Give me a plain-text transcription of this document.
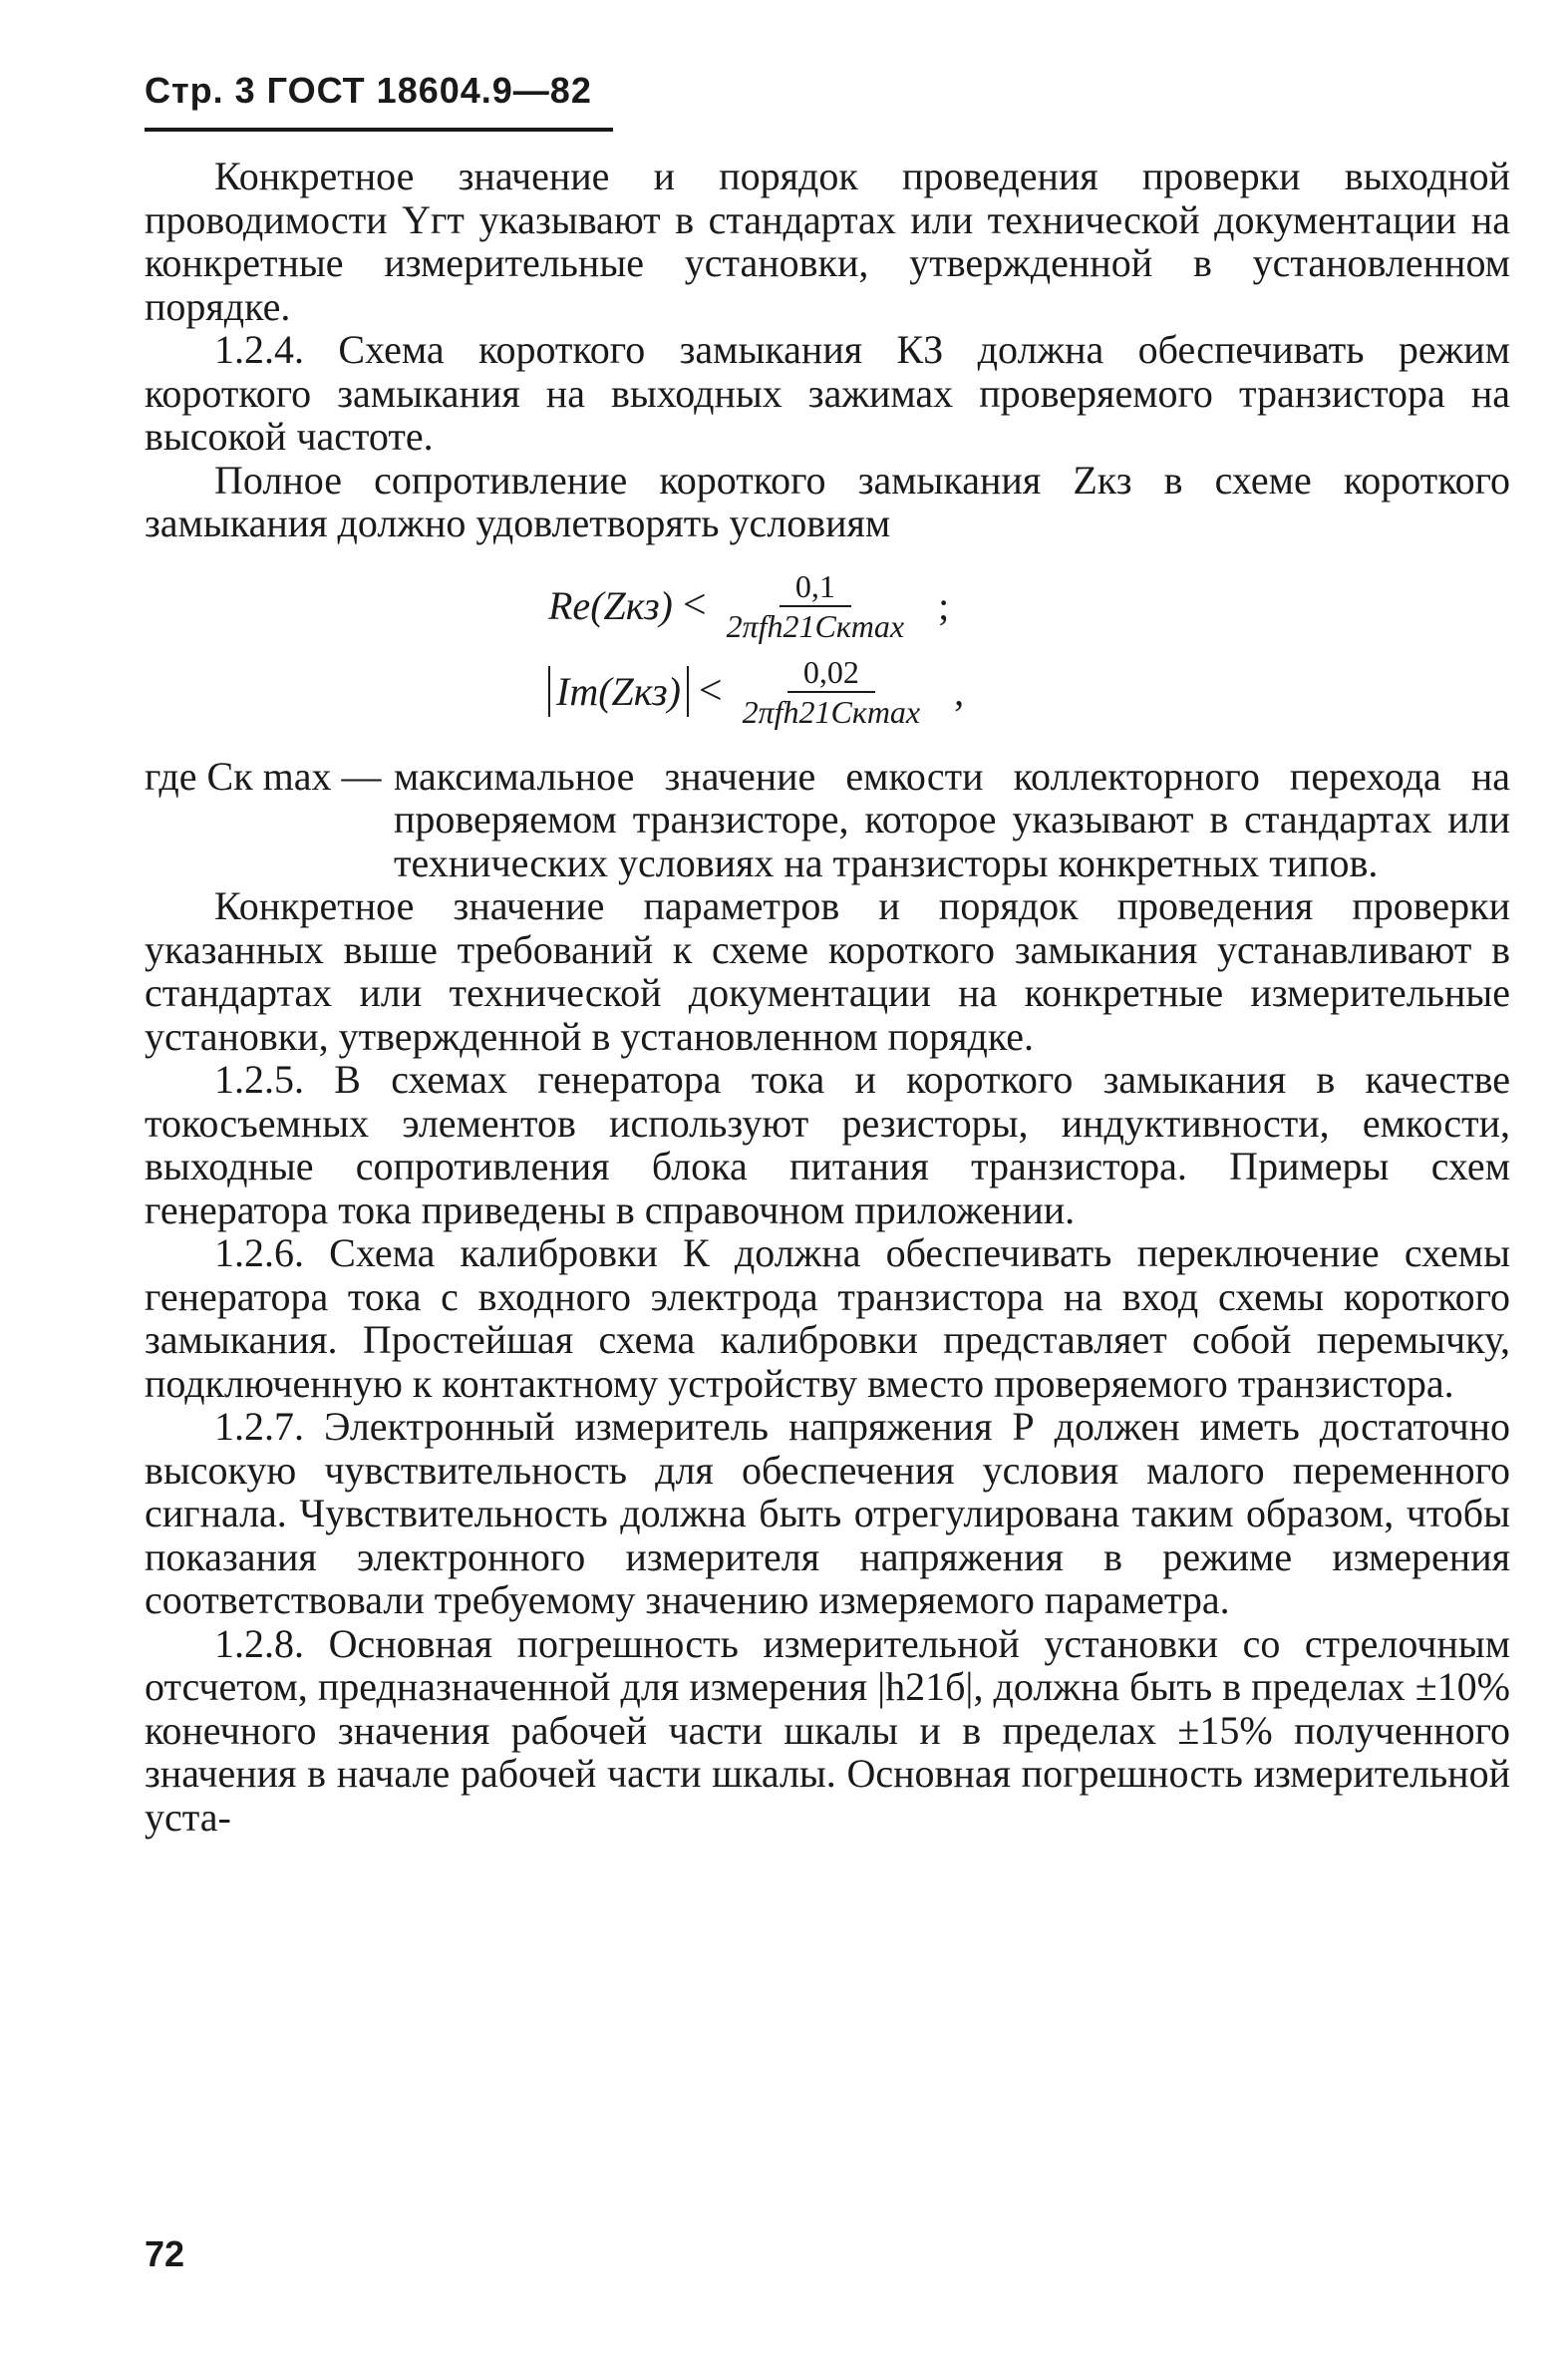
Стр. 3 ГОСТ 18604.9—82

Конкретное значение и порядок проведения проверки выходной проводимости Yгт указывают в стандартах или технической документации на конкретные измерительные установки, утвержденной в установленном порядке.

1.2.4. Схема короткого замыкания КЗ должна обеспечивать режим короткого замыкания на выходных зажимах проверяемого транзистора на высокой частоте.

Полное сопротивление короткого замыкания Zкз в схеме короткого замыкания должно удовлетворять условиям

$Re(Zкз) < \frac{0,1}{\text{2πfh21Cкmax}}$ ;
$Im(Zкз) < \frac{0,02}{\text{2πfh21Cкmax}}$ ,
где Cк max — максимальное значение емкости коллекторного перехода на проверяемом транзисторе, которое указывают в стандартах или технических условиях на транзисторы конкретных типов.

Конкретное значение параметров и порядок проведения проверки указанных выше требований к схеме короткого замыкания устанавливают в стандартах или технической документации на конкретные измерительные установки, утвержденной в установленном порядке.

1.2.5. В схемах генератора тока и короткого замыкания в качестве токосъемных элементов используют резисторы, индуктивности, емкости, выходные сопротивления блока питания транзистора. Примеры схем генератора тока приведены в справочном приложении.

1.2.6. Схема калибровки К должна обеспечивать переключение схемы генератора тока с входного электрода транзистора на вход схемы короткого замыкания. Простейшая схема калибровки представляет собой перемычку, подключенную к контактному устройству вместо проверяемого транзистора.

1.2.7. Электронный измеритель напряжения Р должен иметь достаточно высокую чувствительность для обеспечения условия малого переменного сигнала. Чувствительность должна быть отрегулирована таким образом, чтобы показания электронного измерителя напряжения в режиме измерения соответствовали требуемому значению измеряемого параметра.

1.2.8. Основная погрешность измерительной установки со стрелочным отсчетом, предназначенной для измерения |h21б|, должна быть в пределах ±10% конечного значения рабочей части шкалы и в пределах ±15% полученного значения в начале рабочей части шкалы. Основная погрешность измерительной уста-

72
